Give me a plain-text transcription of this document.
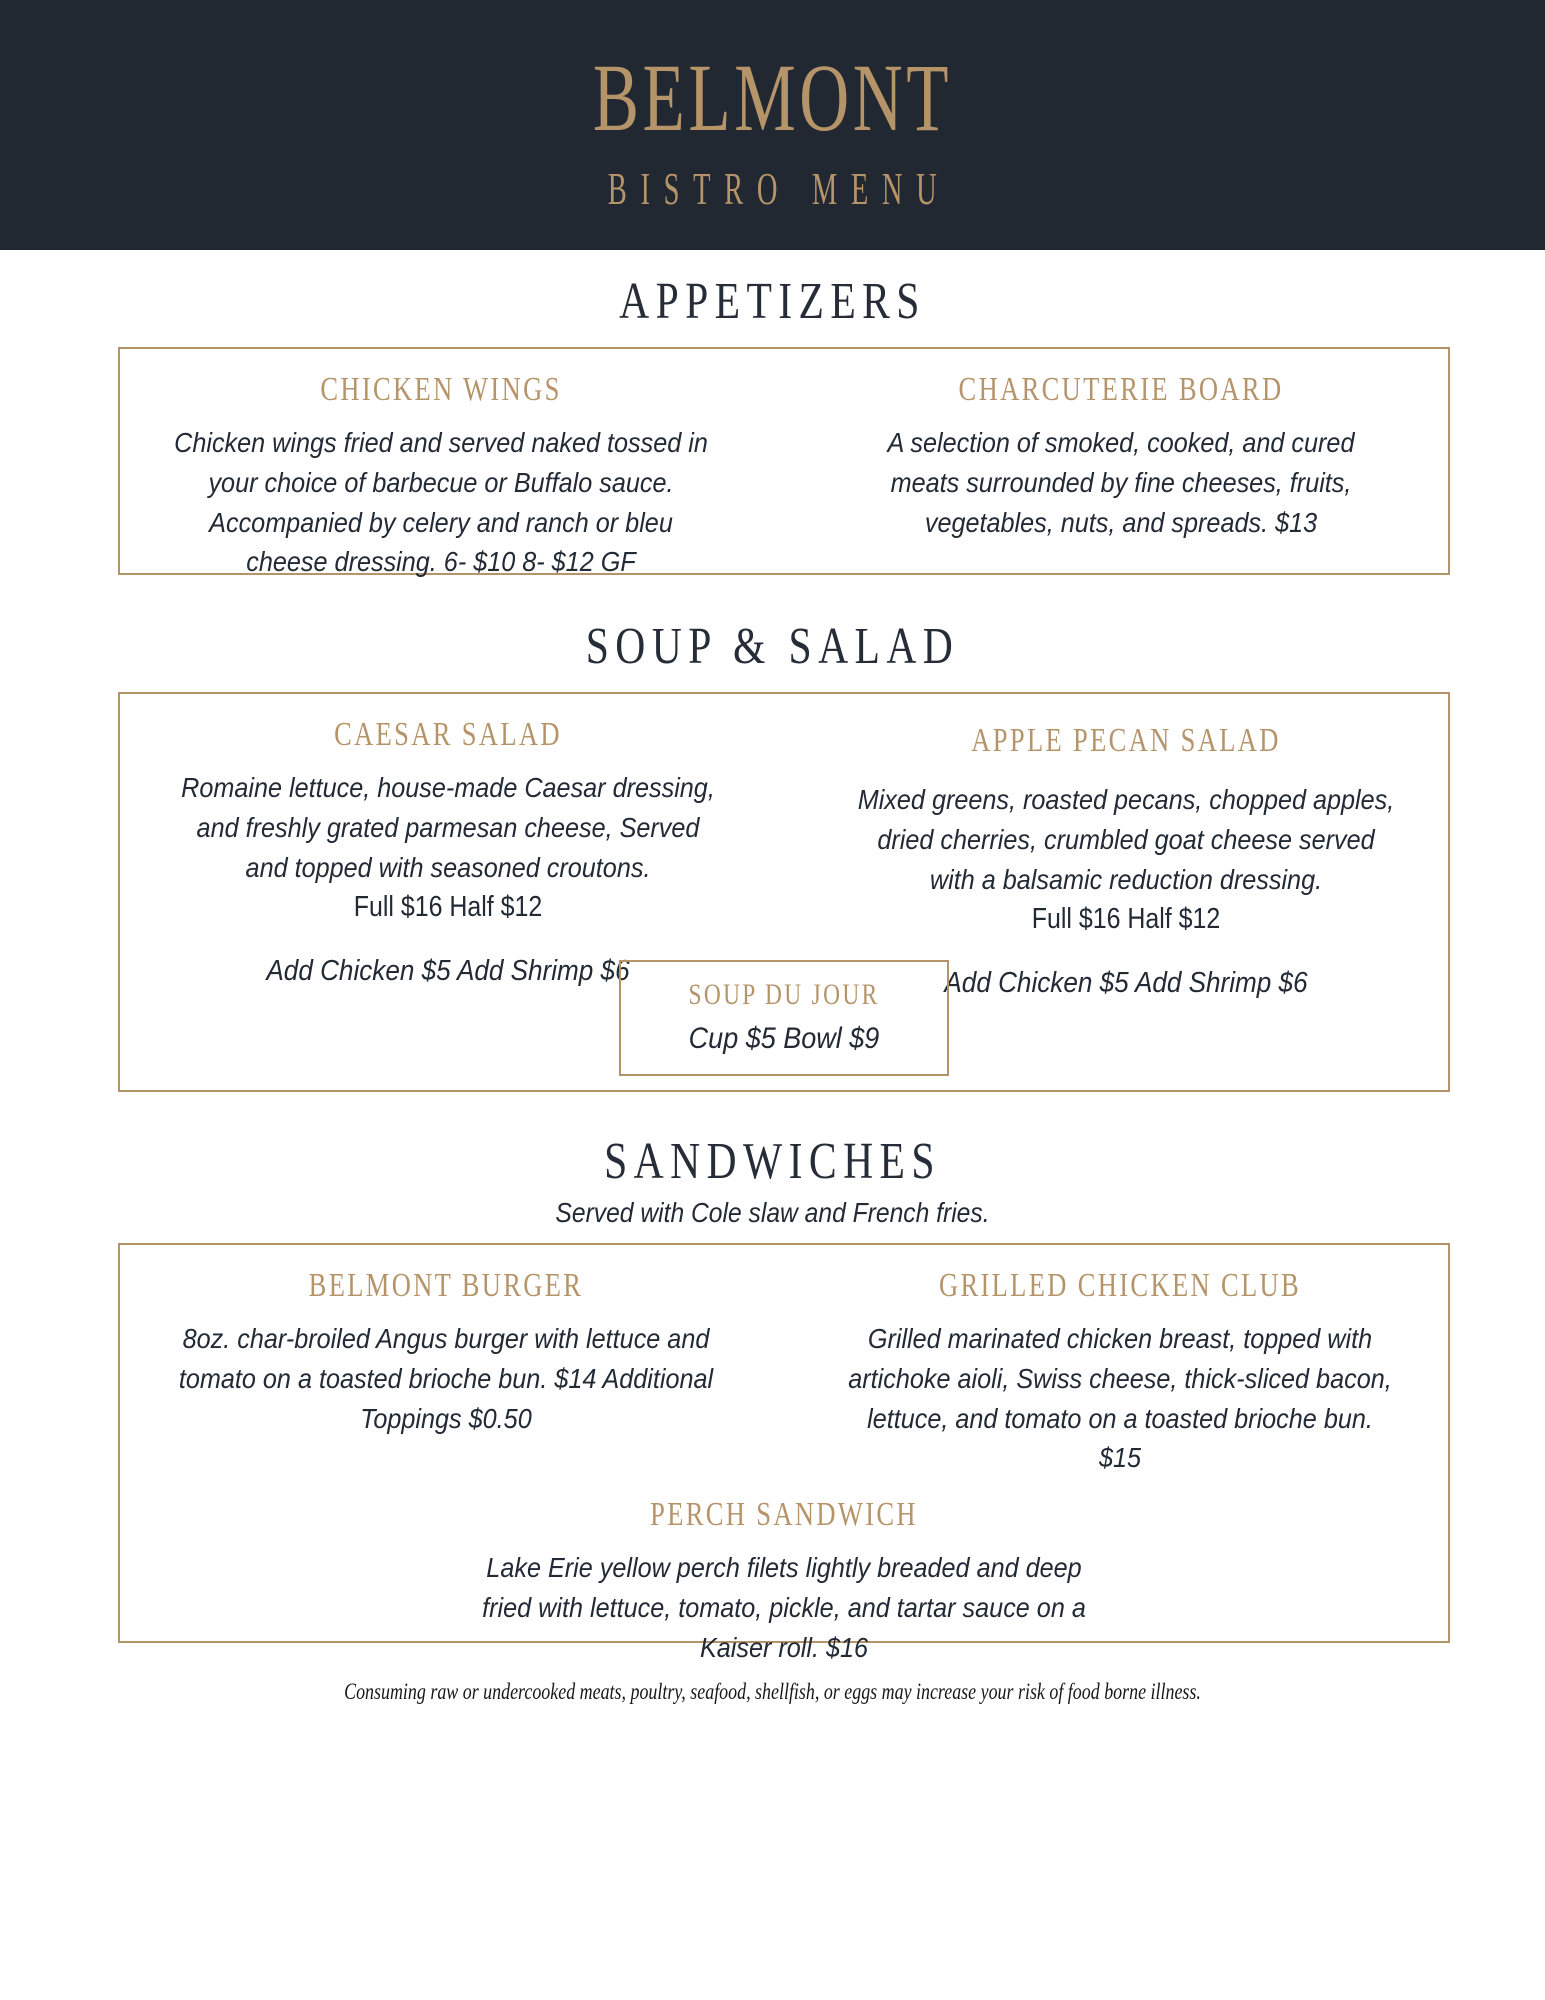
BELMONT
BISTRO MENU
APPETIZERS
CHICKEN WINGS
Chicken wings fried and served naked tossed in your choice of barbecue or Buffalo sauce. Accompanied by celery and ranch or bleu cheese dressing. 6- $10 8- $12 GF
CHARCUTERIE BOARD
A selection of smoked, cooked, and cured meats surrounded by fine cheeses, fruits, vegetables, nuts, and spreads. $13
SOUP & SALAD
CAESAR SALAD
Romaine lettuce, house-made Caesar dressing, and freshly grated parmesan cheese, Served and topped with seasoned croutons.
Full $16 Half $12
Add Chicken $5 Add Shrimp $6
APPLE PECAN SALAD
Mixed greens, roasted pecans, chopped apples, dried cherries, crumbled goat cheese served with a balsamic reduction dressing.
Full $16 Half $12
Add Chicken $5 Add Shrimp $6
SOUP DU JOUR
Cup $5 Bowl $9
SANDWICHES
Served with Cole slaw and French fries.
BELMONT BURGER
8oz. char-broiled Angus burger with lettuce and tomato on a toasted brioche bun. $14 Additional Toppings $0.50
GRILLED CHICKEN CLUB
Grilled marinated chicken breast, topped with artichoke aioli, Swiss cheese, thick-sliced bacon, lettuce, and tomato on a toasted brioche bun. $15
PERCH SANDWICH
Lake Erie yellow perch filets lightly breaded and deep fried with lettuce, tomato, pickle, and tartar sauce on a Kaiser roll. $16
Consuming raw or undercooked meats, poultry, seafood, shellfish, or eggs may increase your risk of food borne illness.
